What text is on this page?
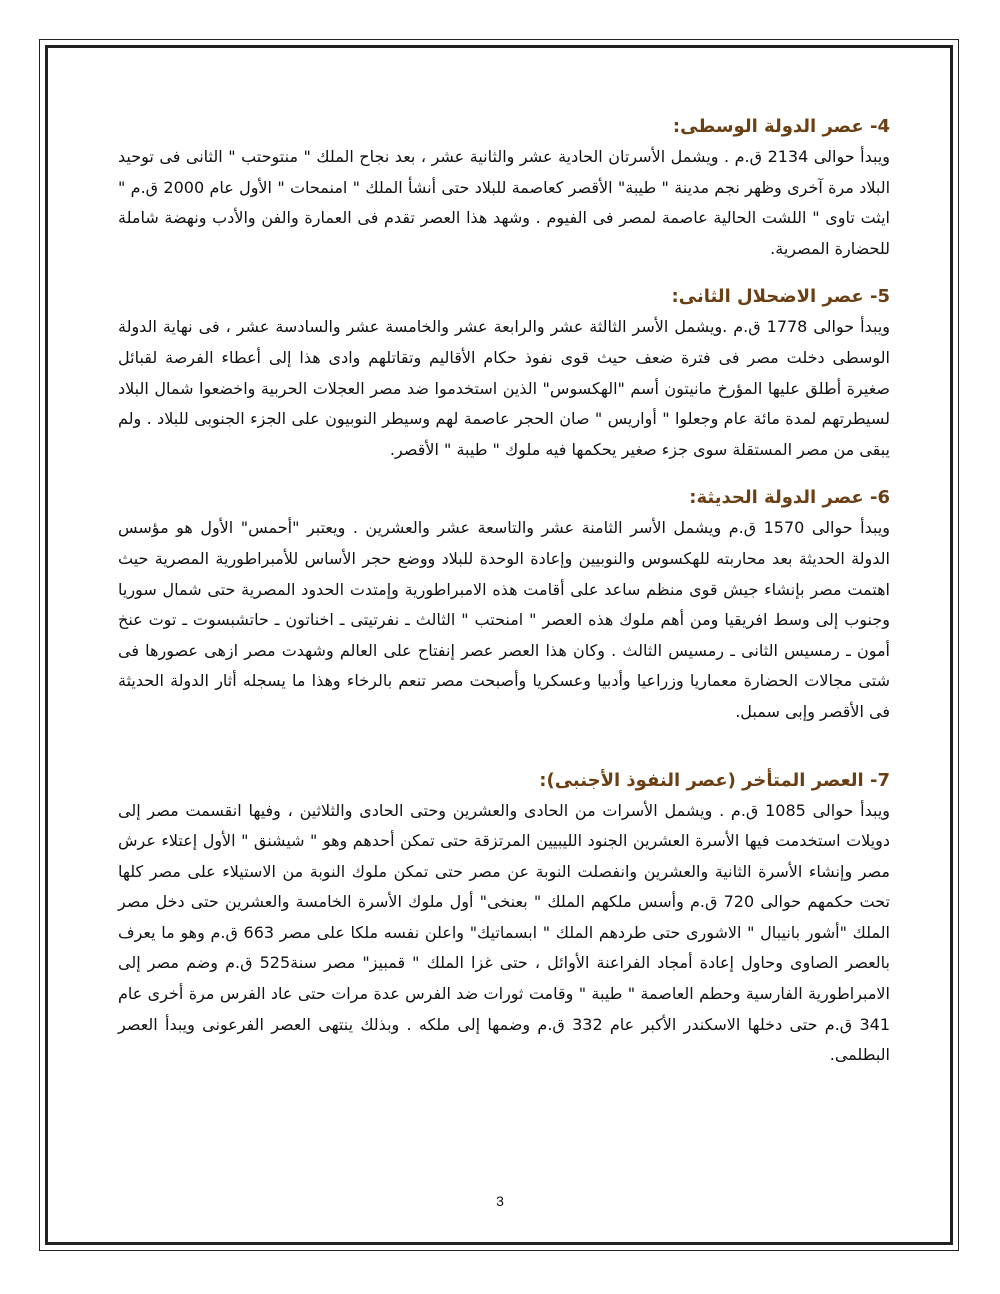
4- عصر الدولة الوسطى:

ويبدأ حوالى 2134 ق.م . ويشمل الأسرتان الحادية عشر والثانية عشر ، بعد نجاح الملك " منتوحتب " الثانى فى توحيد البلاد مرة آخرى وظهر نجم مدينة " طيبة" الأقصر كعاصمة للبلاد حتى أنشأ الملك " امنمحات " الأول عام 2000 ق.م " ايثت تاوى " اللشت الحالية عاصمة لمصر فى الفيوم . وشهد هذا العصر تقدم فى العمارة والفن والأدب ونهضة شاملة للحضارة المصرية.

5- عصر الاضحلال الثانى:

ويبدأ حوالى 1778 ق.م .ويشمل الأسر الثالثة عشر والرابعة عشر والخامسة عشر والسادسة عشر ، فى نهاية الدولة الوسطى دخلت مصر فى فترة ضعف حيث قوى نفوذ حكام الأقاليم وتقاتلهم وادى هذا إلى أعطاء الفرصة لقبائل صغيرة أطلق عليها المؤرخ مانيتون أسم "الهكسوس" الذين استخدموا ضد مصر العجلات الحربية واخضعوا شمال البلاد لسيطرتهم لمدة مائة عام وجعلوا " أواريس " صان الحجر عاصمة لهم وسيطر النوبيون على الجزء الجنوبى للبلاد . ولم يبقى من مصر المستقلة سوى جزء صغير يحكمها فيه ملوك " طيبة " الأقصر.

6- عصر الدولة الحديثة:

ويبدأ حوالى 1570 ق.م ويشمل الأسر الثامنة عشر والتاسعة عشر والعشرين . ويعتبر "أحمس" الأول هو مؤسس الدولة الحديثة بعد محاربته للهكسوس والنوبيين وإعادة الوحدة للبلاد ووضع حجر الأساس للأمبراطورية المصرية حيث اهتمت مصر بإنشاء جيش قوى منظم ساعد على أقامت هذه الامبراطورية وإمتدت الحدود المصرية حتى شمال سوريا وجنوب إلى وسط افريقيا ومن أهم ملوك هذه العصر " امنحتب " الثالث ـ نفرتيتى ـ اخناتون ـ حاتشبسوت ـ توت عنخ أمون ـ رمسيس الثانى ـ رمسيس الثالث . وكان هذا العصر عصر إنفتاح على العالم وشهدت مصر ازهى عصورها فى شتى مجالات الحضارة معماريا وزراعيا وأدبيا وعسكريا وأصبحت مصر تنعم بالرخاء وهذا ما يسجله أثار الدولة الحديثة فى الأقصر وإبى سمبل.

7- العصر المتأخر (عصر النفوذ الأجنبى):

ويبدأ حوالى 1085 ق.م . ويشمل الأسرات من الحادى والعشرين وحتى الحادى والثلاثين ، وفيها انقسمت مصر إلى دويلات استخدمت فيها الأسرة العشرين الجنود الليبيين المرتزقة حتى تمكن أحدهم وهو " شيشنق " الأول إعتلاء عرش مصر وإنشاء الأسرة الثانية والعشرين وانفصلت النوبة عن مصر حتى تمكن ملوك النوبة من الاستيلاء على مصر كلها تحت حكمهم حوالى 720 ق.م وأسس ملكهم الملك " بعنخى" أول ملوك الأسرة الخامسة والعشرين حتى دخل مصر الملك "أشور بانيبال " الاشورى حتى طردهم الملك " ابسماتيك" واعلن نفسه ملكا على مصر 663 ق.م وهو ما يعرف بالعصر الصاوى وحاول إعادة أمجاد الفراعنة الأوائل ، حتى غزا الملك " قمبيز" مصر سنة525 ق.م وضم مصر إلى الامبراطورية الفارسية وحطم العاصمة " طيبة " وقامت ثورات ضد الفرس عدة مرات حتى عاد الفرس مرة أخرى عام 341 ق.م حتى دخلها الاسكندر الأكبر عام 332 ق.م وضمها إلى ملكه . وبذلك ينتهى العصر الفرعونى ويبدأ العصر البطلمى.

3
